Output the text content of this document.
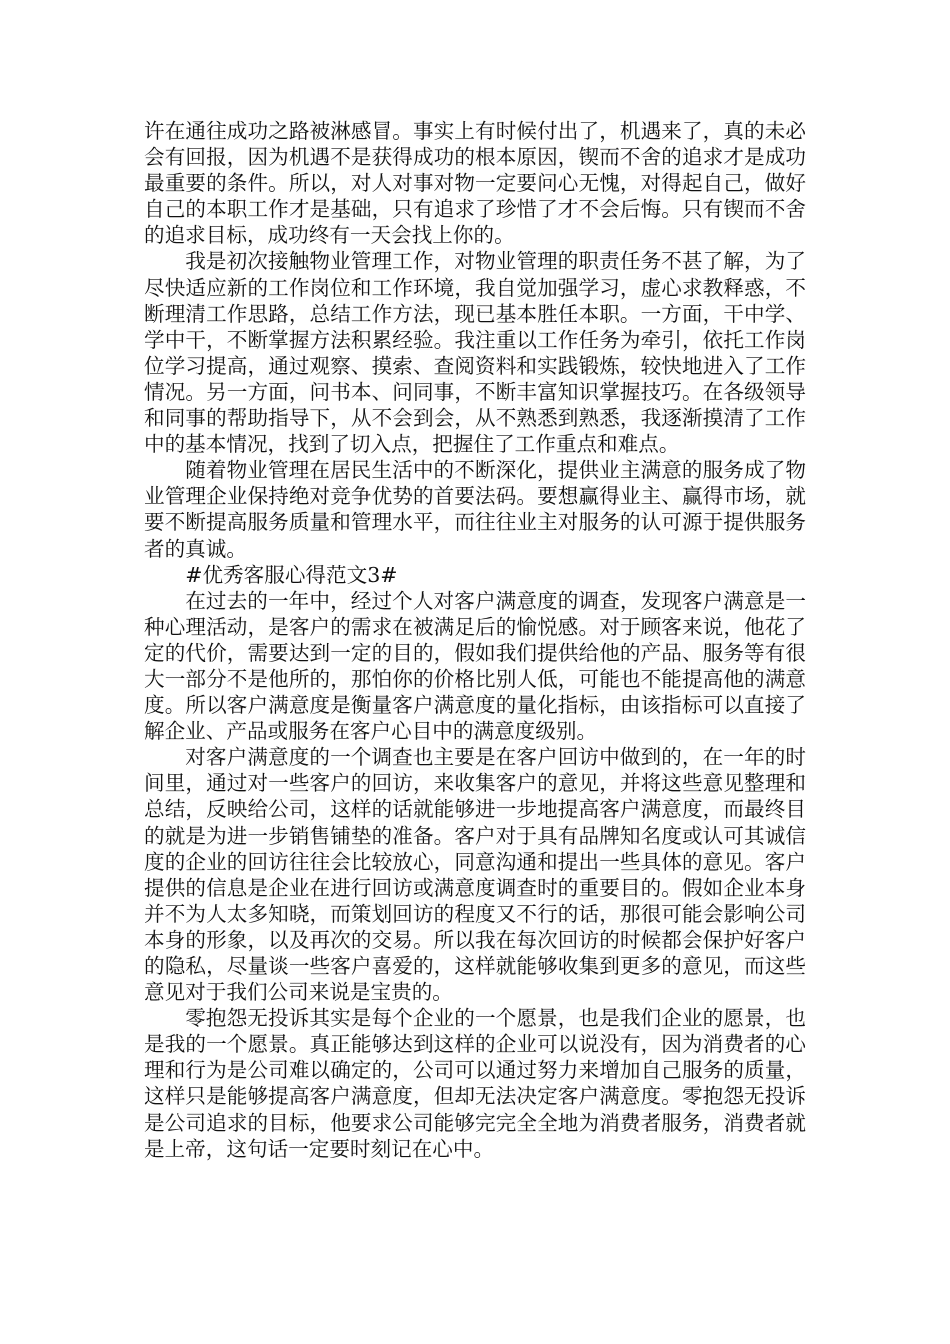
许在通往成功之路被淋感冒。事实上有时候付出了，机遇来了，真的未必会有回报，因为机遇不是获得成功的根本原因，锲而不舍的追求才是成功最重要的条件。所以，对人对事对物一定要问心无愧，对得起自己，做好自己的本职工作才是基础，只有追求了珍惜了才不会后悔。只有锲而不舍的追求目标，成功终有一天会找上你的。

我是初次接触物业管理工作，对物业管理的职责任务不甚了解，为了尽快适应新的工作岗位和工作环境，我自觉加强学习，虚心求教释惑，不断理清工作思路，总结工作方法，现已基本胜任本职。一方面，干中学、学中干，不断掌握方法积累经验。我注重以工作任务为牵引，依托工作岗位学习提高，通过观察、摸索、查阅资料和实践锻炼，较快地进入了工作情况。另一方面，问书本、问同事，不断丰富知识掌握技巧。在各级领导和同事的帮助指导下，从不会到会，从不熟悉到熟悉，我逐渐摸清了工作中的基本情况，找到了切入点，把握住了工作重点和难点。

随着物业管理在居民生活中的不断深化，提供业主满意的服务成了物业管理企业保持绝对竞争优势的首要法码。要想赢得业主、赢得市场，就要不断提高服务质量和管理水平，而往往业主对服务的认可源于提供服务者的真诚。

#优秀客服心得范文3#

在过去的一年中，经过个人对客户满意度的调查，发现客户满意是一种心理活动，是客户的需求在被满足后的愉悦感。对于顾客来说，他花了定的代价，需要达到一定的目的，假如我们提供给他的产品、服务等有很大一部分不是他所的，那怕你的价格比别人低，可能也不能提高他的满意度。所以客户满意度是衡量客户满意度的量化指标，由该指标可以直接了解企业、产品或服务在客户心目中的满意度级别。

对客户满意度的一个调查也主要是在客户回访中做到的，在一年的时间里，通过对一些客户的回访，来收集客户的意见，并将这些意见整理和总结，反映给公司，这样的话就能够进一步地提高客户满意度，而最终目的就是为进一步销售铺垫的准备。客户对于具有品牌知名度或认可其诚信度的企业的回访往往会比较放心，同意沟通和提出一些具体的意见。客户提供的信息是企业在进行回访或满意度调查时的重要目的。假如企业本身并不为人太多知晓，而策划回访的程度又不行的话，那很可能会影响公司本身的形象，以及再次的交易。所以我在每次回访的时候都会保护好客户的隐私，尽量谈一些客户喜爱的，这样就能够收集到更多的意见，而这些意见对于我们公司来说是宝贵的。

零抱怨无投诉其实是每个企业的一个愿景，也是我们企业的愿景，也是我的一个愿景。真正能够达到这样的企业可以说没有，因为消费者的心理和行为是公司难以确定的，公司可以通过努力来增加自己服务的质量，这样只是能够提高客户满意度，但却无法决定客户满意度。零抱怨无投诉是公司追求的目标，他要求公司能够完完全全地为消费者服务，消费者就是上帝，这句话一定要时刻记在心中。
